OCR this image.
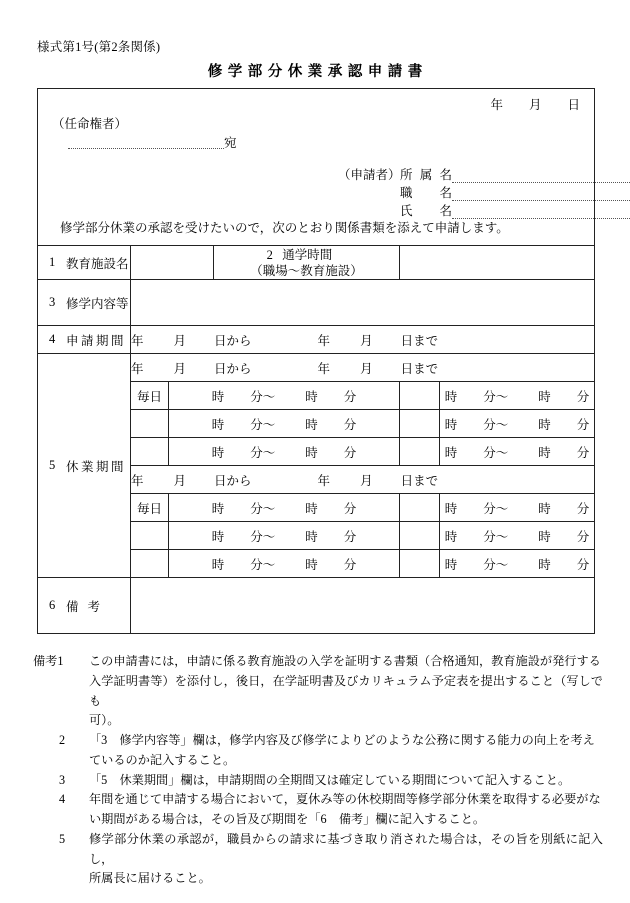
様式第1号(第2条関係)
修学部分休業承認申請書
年 月 日
（任命権者）
宛
（申請者） 所属名
職名
氏名
修学部分休業の承認を受けたいので，次のとおり関係書類を添えて申請します。

1 教育施設名			2 通学時間
（職場～教育施設）		

3 修学内容等					

4 申請期間	年 月 日から 年 月 日まで				

5 休業期間	年 月 日から 年 月 日まで				
	毎日	時 分～ 時 分			時 分～ 時 分
		時 分～ 時 分			時 分～ 時 分
		時 分～ 時 分			時 分～ 時 分
	年 月 日から 年 月 日まで				
	毎日	時 分～ 時 分			時 分～ 時 分
		時 分～ 時 分			時 分～ 時 分
		時 分～ 時 分			時 分～ 時 分

6 備考					

備考1	この申請書には，申請に係る教育施設の入学を証明する書類（合格通知，教育施設が発行する
入学証明書等）を添付し，後日，在学証明書及びカリキュラム予定表を提出すること（写しでも
可）。
2	「3　修学内容等」欄は，修学内容及び修学によりどのような公務に関する能力の向上を考え
ているのか記入すること。
3	「5　休業期間」欄は，申請期間の全期間又は確定している期間について記入すること。
4	年間を通じて申請する場合において，夏休み等の休校期間等修学部分休業を取得する必要がな
い期間がある場合は，その旨及び期間を「6　備考」欄に記入すること。
5	修学部分休業の承認が，職員からの請求に基づき取り消された場合は，その旨を別紙に記入し，
所属長に届けること。
